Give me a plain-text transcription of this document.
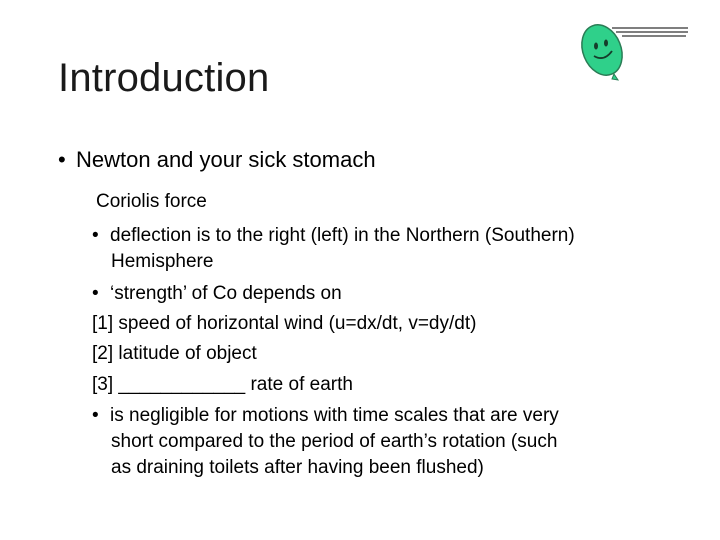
Introduction
• Newton and your sick stomach
Coriolis force
• deflection is to the right (left) in the Northern (Southern)
Hemisphere
• ‘strength’ of Co depends on
[1] speed of horizontal wind (u=dx/dt, v=dy/dt)
[2] latitude of object
[3] ____________ rate of earth
• is negligible for motions with time scales that are very
short compared to the period of earth’s rotation (such
as draining toilets after having been flushed)
